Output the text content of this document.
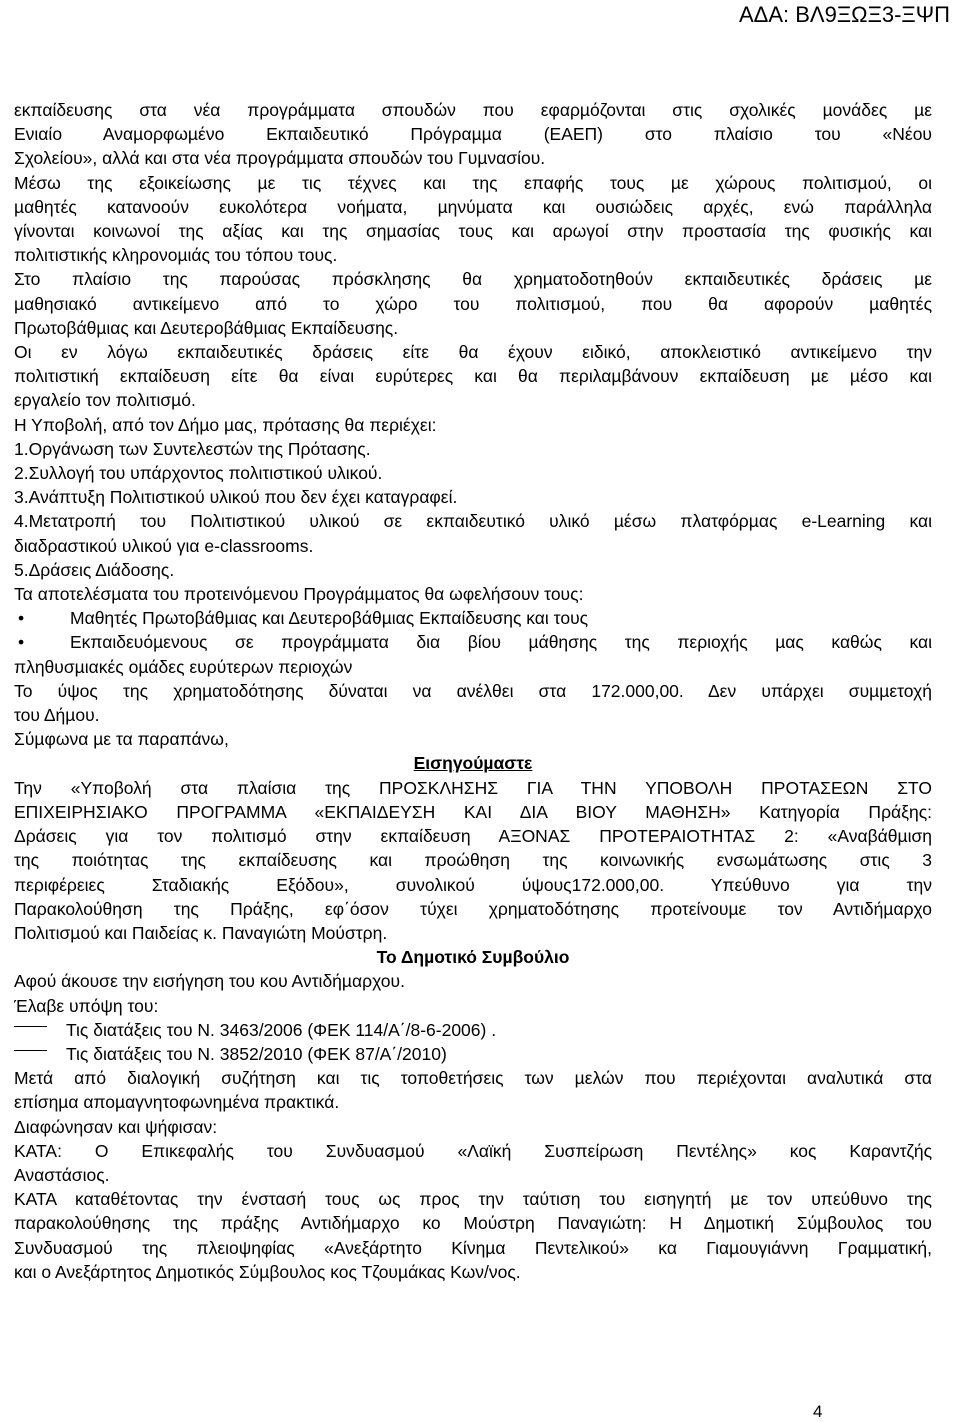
ΑΔΑ: ΒΛ9ΞΩΞ3-ΞΨΠ

εκπαίδευσης στα νέα προγράµµατα σπουδών που εφαρµόζονται στις σχολικές µονάδες µε

Ενιαίο Αναµορφωµένο Εκπαιδευτικό Πρόγραµµα (ΕΑΕΠ) στο πλαίσιο του «Νέου

Σχολείου», αλλά και στα νέα προγράµµατα σπουδών του Γυµνασίου.

Μέσω της εξοικείωσης µε τις τέχνες και της επαφής τους µε χώρους πολιτισµού, οι

µαθητές κατανοούν ευκολότερα νοήµατα, µηνύµατα και ουσιώδεις αρχές, ενώ παράλληλα

γίνονται κοινωνοί της αξίας και της σηµασίας τους και αρωγοί στην προστασία της φυσικής και

πολιτιστικής κληρονοµιάς του τόπου τους.

Στο πλαίσιο της παρούσας πρόσκλησης θα χρηµατοδοτηθούν εκπαιδευτικές δράσεις µε

µαθησιακό αντικείµενο από το χώρο του πολιτισµού, που θα αφορούν µαθητές

Πρωτοβάθµιας και Δευτεροβάθµιας Εκπαίδευσης.

Οι εν λόγω εκπαιδευτικές δράσεις είτε θα έχουν ειδικό, αποκλειστικό αντικείµενο την

πολιτιστική εκπαίδευση είτε θα είναι ευρύτερες και θα περιλαµβάνουν εκπαίδευση µε µέσο και

εργαλείο τον πολιτισµό.

Η Υποβολή, από τον Δήµο µας, πρότασης θα περιέχει:

1.Οργάνωση των Συντελεστών της Πρότασης.

2.Συλλογή του υπάρχοντος πολιτιστικού υλικού.

3.Ανάπτυξη Πολιτιστικού υλικού που δεν έχει καταγραφεί.

4.Μετατροπή του Πολιτιστικού υλικού σε εκπαιδευτικό υλικό µέσω πλατφόρµας e-Learning και

διαδραστικού υλικού για e-classrooms.

5.Δράσεις Διάδοσης.

Τα αποτελέσµατα του προτεινόµενου Προγράµµατος θα ωφελήσουν τους:

•	Μαθητές Πρωτοβάθµιας και Δευτεροβάθµιας Εκπαίδευσης και τους
•	Εκπαιδευόµενους σε προγράµµατα δια βίου µάθησης της περιοχής µας καθώς και

πληθυσµιακές οµάδες ευρύτερων περιοχών

Το ύψος της χρηµατοδότησης δύναται να ανέλθει στα 172.000,00. Δεν υπάρχει συµµετοχή

του Δήµου.

Σύµφωνα µε τα παραπάνω,

Εισηγούµαστε

Την «Υποβολή στα πλαίσια της ΠΡΟΣΚΛΗΣΗΣ ΓΙΑ ΤΗΝ ΥΠΟΒΟΛΗ ΠΡΟΤΑΣΕΩΝ ΣΤΟ

ΕΠΙΧΕΙΡΗΣΙΑΚΟ ΠΡΟΓΡΑΜΜΑ «ΕΚΠΑΙΔΕΥΣΗ ΚΑΙ ΔΙΑ ΒΙΟΥ ΜΑΘΗΣΗ» Κατηγορία Πράξης:

Δράσεις για τον πολιτισµό στην εκπαίδευση ΑΞΟΝΑΣ ΠΡΟΤΕΡΑΙΟΤΗΤΑΣ 2: «Αναβάθµιση

της ποιότητας της εκπαίδευσης και προώθηση της κοινωνικής ενσωµάτωσης στις 3

περιφέρειες Σταδιακής Εξόδου», συνολικού ύψους172.000,00. Υπεύθυνο για την

Παρακολούθηση της Πράξης, εφ΄όσον τύχει χρηµατοδότησης προτείνουµε τον Αντιδήµαρχο

Πολιτισµού και Παιδείας κ. Παναγιώτη Μούστρη.

Το Δηµοτικό Συµβούλιο

Αφού άκουσε την εισήγηση του κου Αντιδήµαρχου.

Έλαβε υπόψη του:

Τις διατάξεις του Ν. 3463/2006 (ΦΕΚ 114/Α΄/8-6-2006) .
Τις διατάξεις του Ν. 3852/2010 (ΦΕΚ 87/Α΄/2010)

Μετά από διαλογική συζήτηση και τις τοποθετήσεις των µελών που περιέχονται αναλυτικά στα

επίσηµα αποµαγνητοφωνηµένα πρακτικά.

Διαφώνησαν και ψήφισαν:

ΚΑΤΑ: Ο Επικεφαλής του Συνδυασµού «Λαϊκή Συσπείρωση Πεντέλης» κος Καραντζής

Αναστάσιος.

ΚΑΤΑ καταθέτοντας την ένστασή τους ως προς την ταύτιση του εισηγητή µε τον υπεύθυνο της

παρακολούθησης της πράξης Αντιδήµαρχο κο Μούστρη Παναγιώτη: Η Δηµοτική Σύµβουλος του

Συνδυασµού της πλειοψηφίας «Ανεξάρτητο Κίνηµα Πεντελικού» κα Γιαµουγιάννη Γραµµατική,

και ο Ανεξάρτητος Δηµοτικός Σύµβουλος κος Τζουµάκας Κων/νος.

4
